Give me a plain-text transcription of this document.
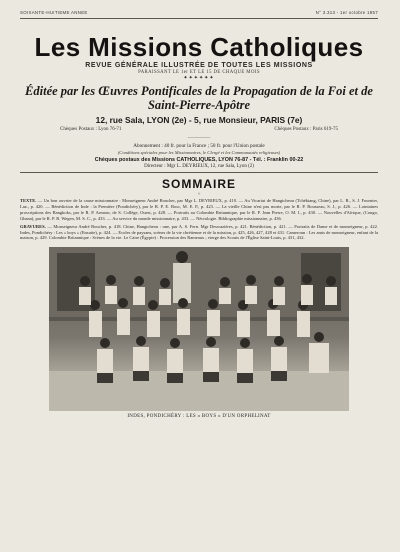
SOIXANTE-HUITIEME ANNEE	N° 3.313 - 1er octobre 1957
Les Missions Catholiques
REVUE GÉNÉRALE ILLUSTRÉE DE TOUTES LES MISSIONS
PARAISSANT LE 1er ET LE 15 DE CHAQUE MOIS
✦✦✦✦✦✦
Éditée par les Œuvres Pontificales de la Propagation de la Foi et de Saint-Pierre-Apôtre
12, rue Sala, LYON (2e) - 5, rue Monsieur, PARIS (7e)
Chèques Postaux : Lyon 76-71	Chèques Postaux : Paris 619-75
────────
Abonnement : 40 fr. pour la France ; 50 fr. pour l'Union postale
(Conditions spéciales pour les Missionnaires, le Clergé et les Communautés religieuses)
Chèques postaux des Missions CATHOLIQUES, LYON 76-87 - Tél. : Franklin 00-22
Directeur : Mgr L. DEYRIEUX, 12, rue Sala, Lyon (2)
SOMMAIRE
✧

TEXTE. — Un bon ouvrier de la cause missionnaire : Monseigneur André Boucher, par Mgr L. DEYRIEUX, p. 410. — Au Vicariat de Hangtcheou (Tchékiang, Chine), par L. B., S. J. Fournier, Laz., p. 420. — Bénédiction de Inde : la Première (Pondichéry), par le R. P. E. Bosc, M. E. P., p. 423. — La vieille Chine n'est pas morte, par le R. P. Rousseau, S. J., p. 426. — Lointaines proscriptions des Bangkoks, par le R. P. Armour, de S. Collège, Ouest, p. 428. — Portraits au Colombie Britannique, par le R. P. Jean Pierre, O. M. I., p. 430. — Nouvelles d'Afrique, (Congo, Ghana), par le R. P. R. Wegen, M. S. C., p. 433. — Au service du monde missionnaire, p. 433. — Nécrologie. Bibliographie missionnaire, p. 436.

GRAVURES. — Monseigneur André Boucher, p. 418. Chine, Hangtcheou : une, par A. S. Fern. Mgr Deswazières, p. 421. Bénédiction, p. 421. — Portraits de Dame et de monseigneur, p. 422. Indes, Pondichéry : Les « boys » (Ensuite), p. 424. — Ecoles de paysans, scènes de la vie chrétienne et de la mission, p. 425, 426, 427, 428 et 431. Cameroun : Les amis de monseigneur, enfant de la maison, p. 429. Colombie Britannique : Scènes de la vie. Le Caire (Égypte) : Procession des Rameaux ; vierge des Scouts de l'Église Saint-Louis, p. 431, 432.

INDES, PONDICHÉRY : LES « BOYS » D'UN ORPHELINAT
